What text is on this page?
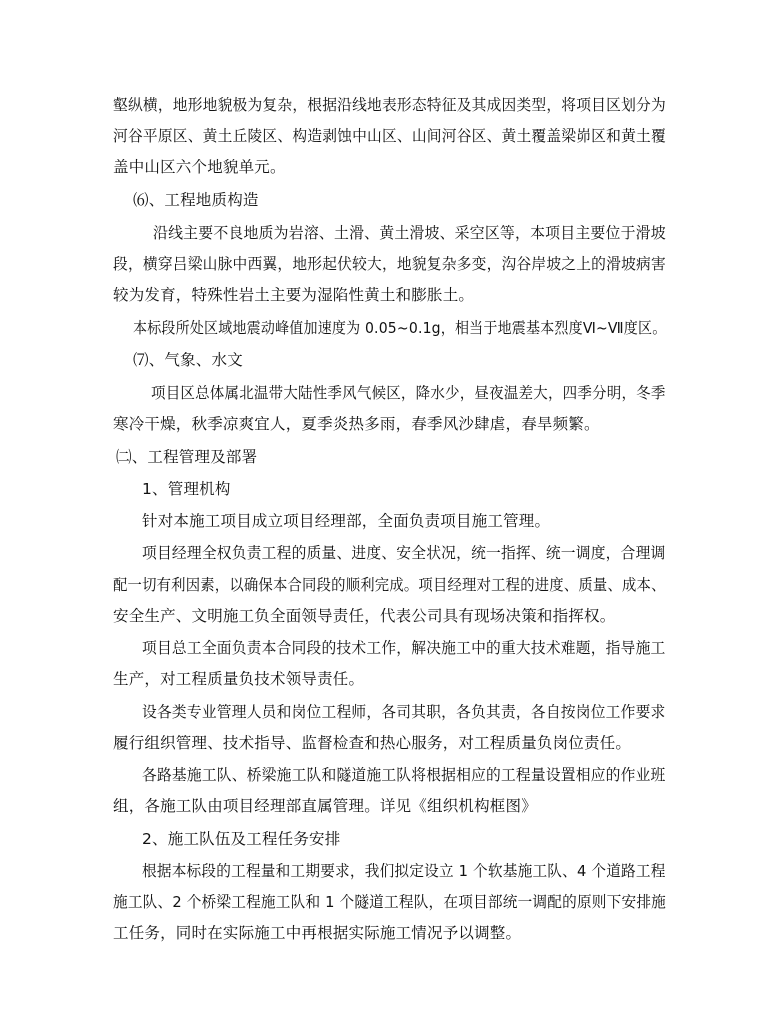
壑纵横，地形地貌极为复杂，根据沿线地表形态特征及其成因类型，将项目区划分为
河谷平原区、黄土丘陵区、构造剥蚀中山区、山间河谷区、黄土覆盖梁峁区和黄土覆
盖中山区六个地貌单元。
⑹、工程地质构造
沿线主要不良地质为岩溶、土滑、黄土滑坡、采空区等，本项目主要位于滑坡
段，横穿吕梁山脉中西翼，地形起伏较大，地貌复杂多变，沟谷岸坡之上的滑坡病害
较为发育，特殊性岩土主要为湿陷性黄土和膨胀土。
本标段所处区域地震动峰值加速度为 0.05~0.1g，相当于地震基本烈度Ⅵ~Ⅶ度区。
⑺、气象、水文
项目区总体属北温带大陆性季风气候区，降水少，昼夜温差大，四季分明，冬季
寒冷干燥，秋季凉爽宜人，夏季炎热多雨，春季风沙肆虐，春旱频繁。
㈡、工程管理及部署
1、管理机构
针对本施工项目成立项目经理部，全面负责项目施工管理。
项目经理全权负责工程的质量、进度、安全状况，统一指挥、统一调度，合理调
配一切有利因素，以确保本合同段的顺利完成。项目经理对工程的进度、质量、成本、
安全生产、文明施工负全面领导责任，代表公司具有现场决策和指挥权。
项目总工全面负责本合同段的技术工作，解决施工中的重大技术难题，指导施工
生产，对工程质量负技术领导责任。
设各类专业管理人员和岗位工程师，各司其职，各负其责，各自按岗位工作要求
履行组织管理、技术指导、监督检查和热心服务，对工程质量负岗位责任。
各路基施工队、桥梁施工队和隧道施工队将根据相应的工程量设置相应的作业班
组，各施工队由项目经理部直属管理。详见《组织机构框图》
2、施工队伍及工程任务安排
根据本标段的工程量和工期要求，我们拟定设立 1 个软基施工队、4 个道路工程
施工队、2 个桥梁工程施工队和 1 个隧道工程队，在项目部统一调配的原则下安排施
工任务，同时在实际施工中再根据实际施工情况予以调整。
